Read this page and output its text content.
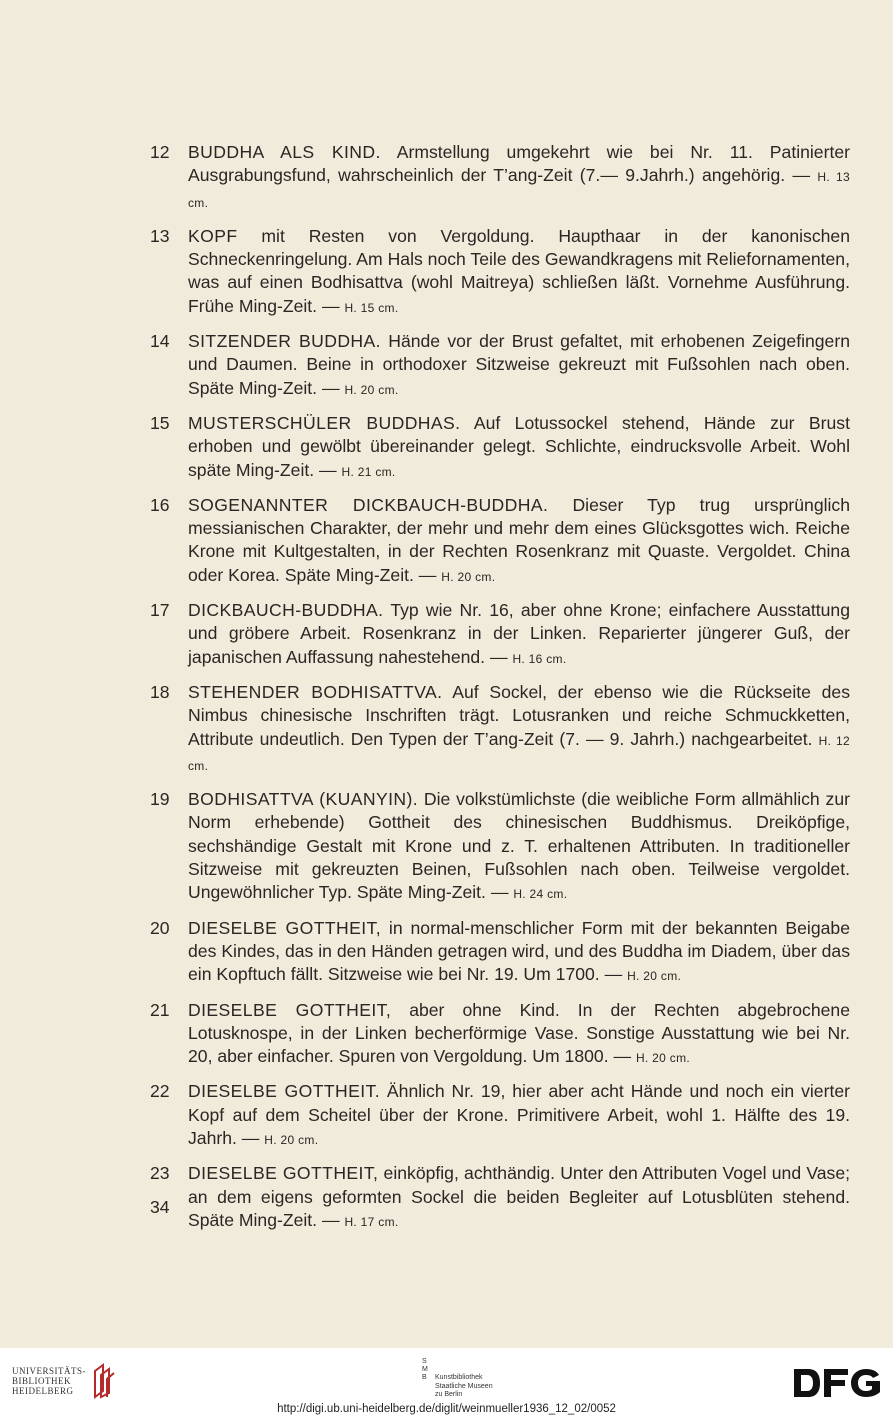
12	BUDDHA ALS KIND. Armstellung umgekehrt wie bei Nr. 11. Patinierter Ausgrabungsfund, wahrscheinlich der T’ang-Zeit (7.— 9.Jahrh.) angehörig. — H. 13 cm.
13	KOPF mit Resten von Vergoldung. Haupthaar in der kanonischen Schneckenringelung. Am Hals noch Teile des Gewandkragens mit Reliefornamenten, was auf einen Bodhisattva (wohl Maitreya) schließen läßt. Vornehme Ausführung. Frühe Ming-Zeit. — H. 15 cm.
14	SITZENDER BUDDHA. Hände vor der Brust gefaltet, mit erhobenen Zeigefingern und Daumen. Beine in orthodoxer Sitzweise gekreuzt mit Fußsohlen nach oben. Späte Ming-Zeit. — H. 20 cm.
15	MUSTERSCHÜLER BUDDHAS. Auf Lotussockel stehend, Hände zur Brust erhoben und gewölbt übereinander gelegt. Schlichte, eindrucksvolle Arbeit. Wohl späte Ming-Zeit. — H. 21 cm.
16	SOGENANNTER DICKBAUCH-BUDDHA. Dieser Typ trug ursprünglich messianischen Charakter, der mehr und mehr dem eines Glücksgottes wich. Reiche Krone mit Kultgestalten, in der Rechten Rosenkranz mit Quaste. Vergoldet. China oder Korea. Späte Ming-Zeit. — H. 20 cm.
17	DICKBAUCH-BUDDHA. Typ wie Nr. 16, aber ohne Krone; einfachere Ausstattung und gröbere Arbeit. Rosenkranz in der Linken. Reparierter jüngerer Guß, der japanischen Auffassung nahestehend. — H. 16 cm.
18	STEHENDER BODHISATTVA. Auf Sockel, der ebenso wie die Rückseite des Nimbus chinesische Inschriften trägt. Lotusranken und reiche Schmuckketten, Attribute undeutlich. Den Typen der T’ang-Zeit (7. — 9. Jahrh.) nachgearbeitet. H. 12 cm.
19	BODHISATTVA (KUANYIN). Die volkstümlichste (die weibliche Form allmählich zur Norm erhebende) Gottheit des chinesischen Buddhismus. Dreiköpfige, sechshändige Gestalt mit Krone und z. T. erhaltenen Attributen. In traditioneller Sitzweise mit gekreuzten Beinen, Fußsohlen nach oben. Teilweise vergoldet. Ungewöhnlicher Typ. Späte Ming-Zeit. — H. 24 cm.
20	DIESELBE GOTTHEIT, in normal-menschlicher Form mit der bekannten Beigabe des Kindes, das in den Händen getragen wird, und des Buddha im Diadem, über das ein Kopftuch fällt. Sitzweise wie bei Nr. 19. Um 1700. — H. 20 cm.
21	DIESELBE GOTTHEIT, aber ohne Kind. In der Rechten abgebrochene Lotusknospe, in der Linken becherförmige Vase. Sonstige Ausstattung wie bei Nr. 20, aber einfacher. Spuren von Vergoldung. Um 1800. — H. 20 cm.
22	DIESELBE GOTTHEIT. Ähnlich Nr. 19, hier aber acht Hände und noch ein vierter Kopf auf dem Scheitel über der Krone. Primitivere Arbeit, wohl 1. Hälfte des 19. Jahrh. — H. 20 cm.
23	DIESELBE GOTTHEIT, einköpfig, achthändig. Unter den Attributen Vogel und Vase; an dem eigens geformten Sockel die beiden Begleiter auf Lotusblüten stehend. Späte Ming-Zeit. — H. 17 cm.
34
UNIVERSITÄTS-
BIBLIOTHEK
HEIDELBERG
S
M
B	Kunstbibliothek
Staatliche Museen
zu Berlin
http://digi.ub.uni-heidelberg.de/diglit/weinmueller1936_12_02/0052
